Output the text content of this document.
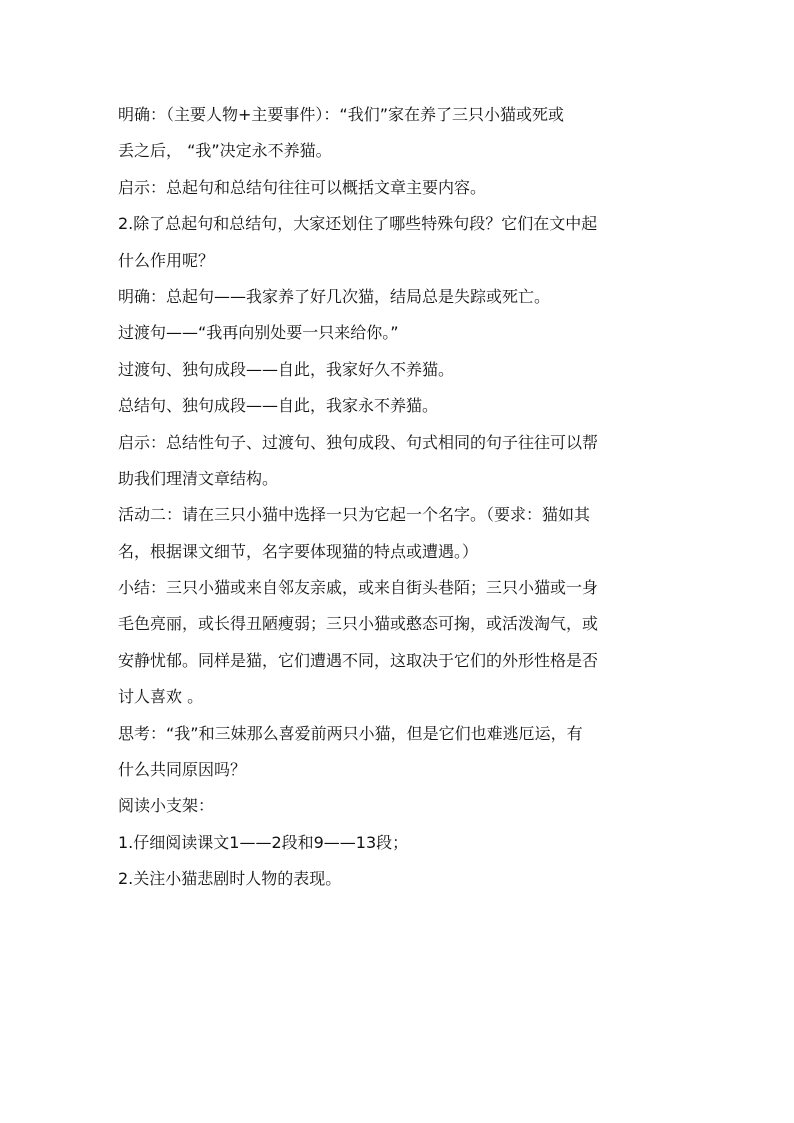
明确：（主要人物+主要事件）：“我们”家在养了三只小猫或死或
丢之后， “我”决定永不养猫。
启示：总起句和总结句往往可以概括文章主要内容。
2.除了总起句和总结句，大家还划住了哪些特殊句段？它们在文中起
什么作用呢？
明确：总起句——我家养了好几次猫，结局总是失踪或死亡。
过渡句——“我再向别处要一只来给你。”
过渡句、独句成段——自此，我家好久不养猫。
总结句、独句成段——自此，我家永不养猫。
启示：总结性句子、过渡句、独句成段、句式相同的句子往往可以帮
助我们理清文章结构。
活动二：请在三只小猫中选择一只为它起一个名字。（要求：猫如其
名，根据课文细节，名字要体现猫的特点或遭遇。）
小结：三只小猫或来自邻友亲戚，或来自街头巷陌；三只小猫或一身
毛色亮丽，或长得丑陋瘦弱；三只小猫或憨态可掬，或活泼淘气，或
安静忧郁。同样是猫，它们遭遇不同，这取决于它们的外形性格是否
讨人喜欢 。
思考：“我”和三妹那么喜爱前两只小猫，但是它们也难逃厄运，有
什么共同原因吗？
阅读小支架：
1.仔细阅读课文1——2段和9——13段；
2.关注小猫悲剧时人物的表现。
